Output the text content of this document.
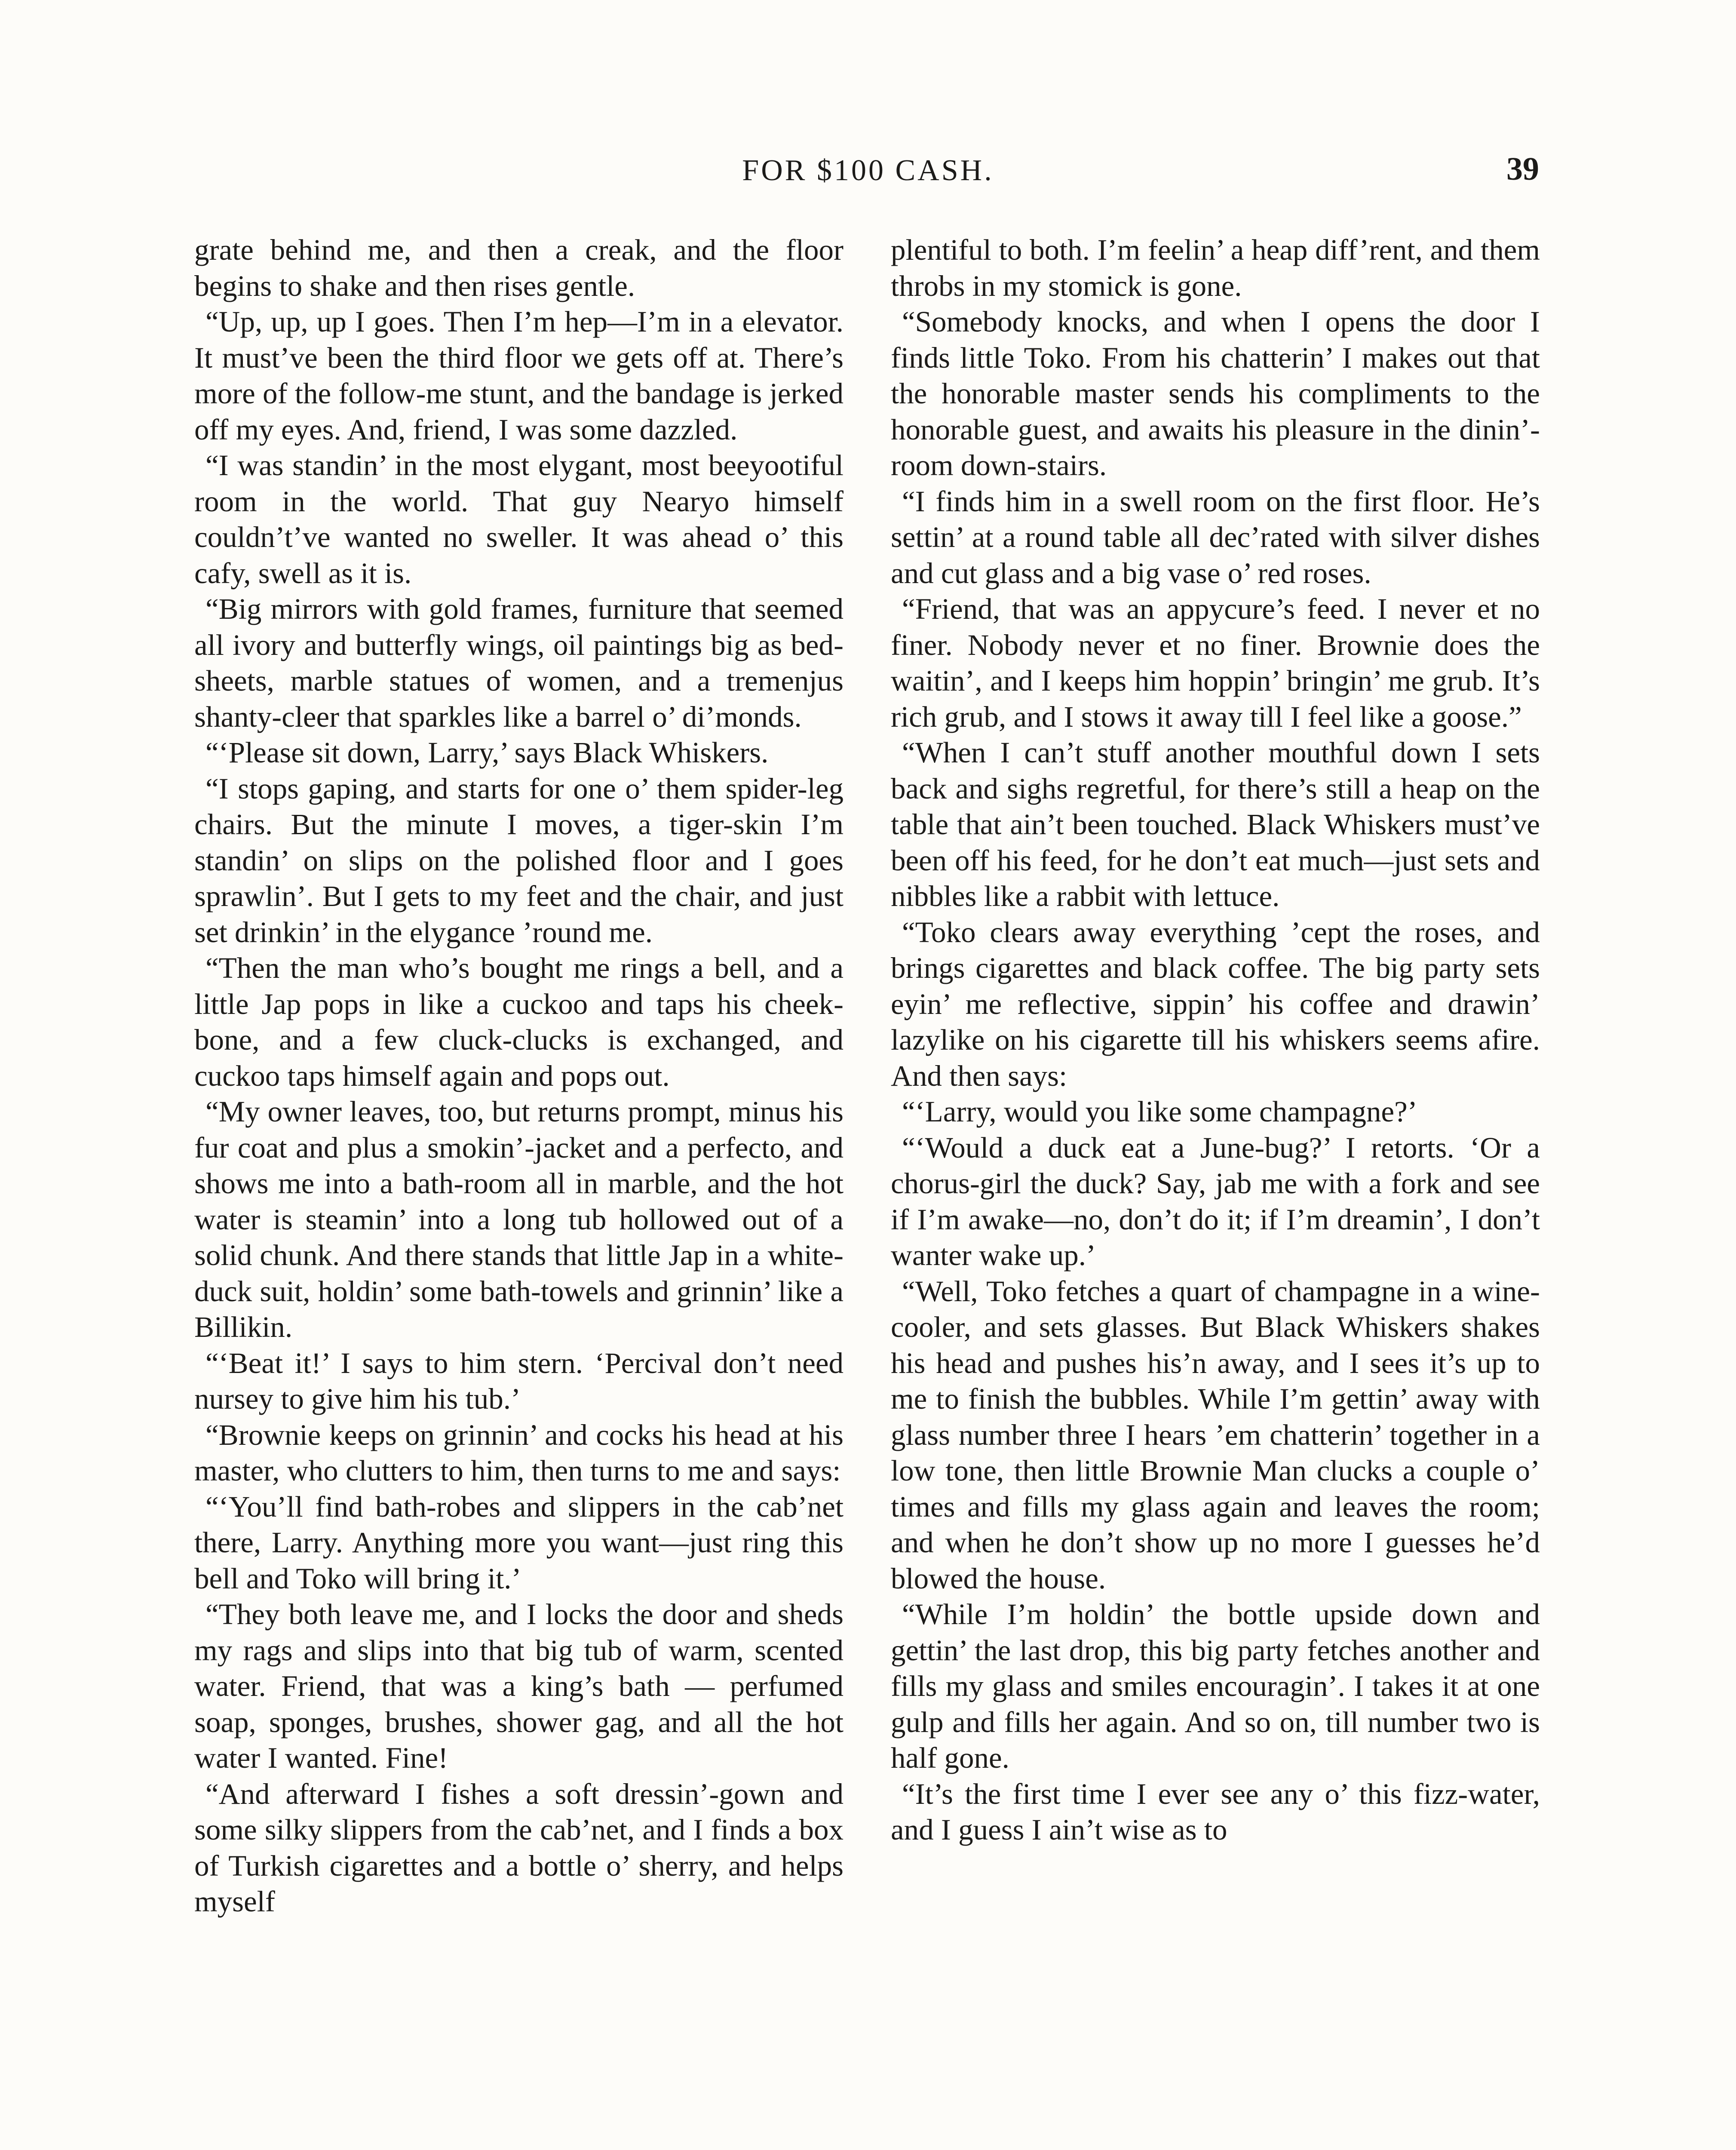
FOR $100 CASH.	39

grate behind me, and then a creak, and the floor begins to shake and then rises gentle.

“Up, up, up I goes. Then I’m hep—I’m in a elevator. It must’ve been the third floor we gets off at. There’s more of the follow-me stunt, and the bandage is jerked off my eyes. And, friend, I was some dazzled.

“I was standin’ in the most elygant, most beeyootiful room in the world. That guy Nearyo himself couldn’t’ve wanted no sweller. It was ahead o’ this cafy, swell as it is.

“Big mirrors with gold frames, furniture that seemed all ivory and butterfly wings, oil paintings big as bed-sheets, marble statues of women, and a tremenjus shanty-cleer that sparkles like a barrel o’ di’monds.

“‘Please sit down, Larry,’ says Black Whiskers.

“I stops gaping, and starts for one o’ them spider-leg chairs. But the minute I moves, a tiger-skin I’m standin’ on slips on the polished floor and I goes sprawlin’. But I gets to my feet and the chair, and just set drinkin’ in the elygance ’round me.

“Then the man who’s bought me rings a bell, and a little Jap pops in like a cuckoo and taps his cheek-bone, and a few cluck-clucks is exchanged, and cuckoo taps himself again and pops out.

“My owner leaves, too, but returns prompt, minus his fur coat and plus a smokin’-jacket and a perfecto, and shows me into a bath-room all in marble, and the hot water is steamin’ into a long tub hollowed out of a solid chunk. And there stands that little Jap in a white-duck suit, holdin’ some bath-towels and grinnin’ like a Billikin.

“‘Beat it!’ I says to him stern. ‘Percival don’t need nursey to give him his tub.’

“Brownie keeps on grinnin’ and cocks his head at his master, who clutters to him, then turns to me and says:

“‘You’ll find bath-robes and slippers in the cab’net there, Larry. Anything more you want—just ring this bell and Toko will bring it.’

“They both leave me, and I locks the door and sheds my rags and slips into that big tub of warm, scented water. Friend, that was a king’s bath — perfumed soap, sponges, brushes, shower gag, and all the hot water I wanted. Fine!

“And afterward I fishes a soft dressin’-gown and some silky slippers from the cab’net, and I finds a box of Turkish cigarettes and a bottle o’ sherry, and helps myself

plentiful to both. I’m feelin’ a heap diff’rent, and them throbs in my stomick is gone.

“Somebody knocks, and when I opens the door I finds little Toko. From his chatterin’ I makes out that the honorable master sends his compliments to the honorable guest, and awaits his pleasure in the dinin’-room down-stairs.

“I finds him in a swell room on the first floor. He’s settin’ at a round table all dec’rated with silver dishes and cut glass and a big vase o’ red roses.

“Friend, that was an appycure’s feed. I never et no finer. Nobody never et no finer. Brownie does the waitin’, and I keeps him hoppin’ bringin’ me grub. It’s rich grub, and I stows it away till I feel like a goose.”

“When I can’t stuff another mouthful down I sets back and sighs regretful, for there’s still a heap on the table that ain’t been touched. Black Whiskers must’ve been off his feed, for he don’t eat much—just sets and nibbles like a rabbit with lettuce.

“Toko clears away everything ’cept the roses, and brings cigarettes and black coffee. The big party sets eyin’ me reflective, sippin’ his coffee and drawin’ lazylike on his cigarette till his whiskers seems afire. And then says:

“‘Larry, would you like some champagne?’

“‘Would a duck eat a June-bug?’ I retorts. ‘Or a chorus-girl the duck? Say, jab me with a fork and see if I’m awake—no, don’t do it; if I’m dreamin’, I don’t wanter wake up.’

“Well, Toko fetches a quart of champagne in a wine-cooler, and sets glasses. But Black Whiskers shakes his head and pushes his’n away, and I sees it’s up to me to finish the bubbles. While I’m gettin’ away with glass number three I hears ’em chatterin’ together in a low tone, then little Brownie Man clucks a couple o’ times and fills my glass again and leaves the room; and when he don’t show up no more I guesses he’d blowed the house.

“While I’m holdin’ the bottle upside down and gettin’ the last drop, this big party fetches another and fills my glass and smiles encouragin’. I takes it at one gulp and fills her again. And so on, till number two is half gone.

“It’s the first time I ever see any o’ this fizz-water, and I guess I ain’t wise as to
